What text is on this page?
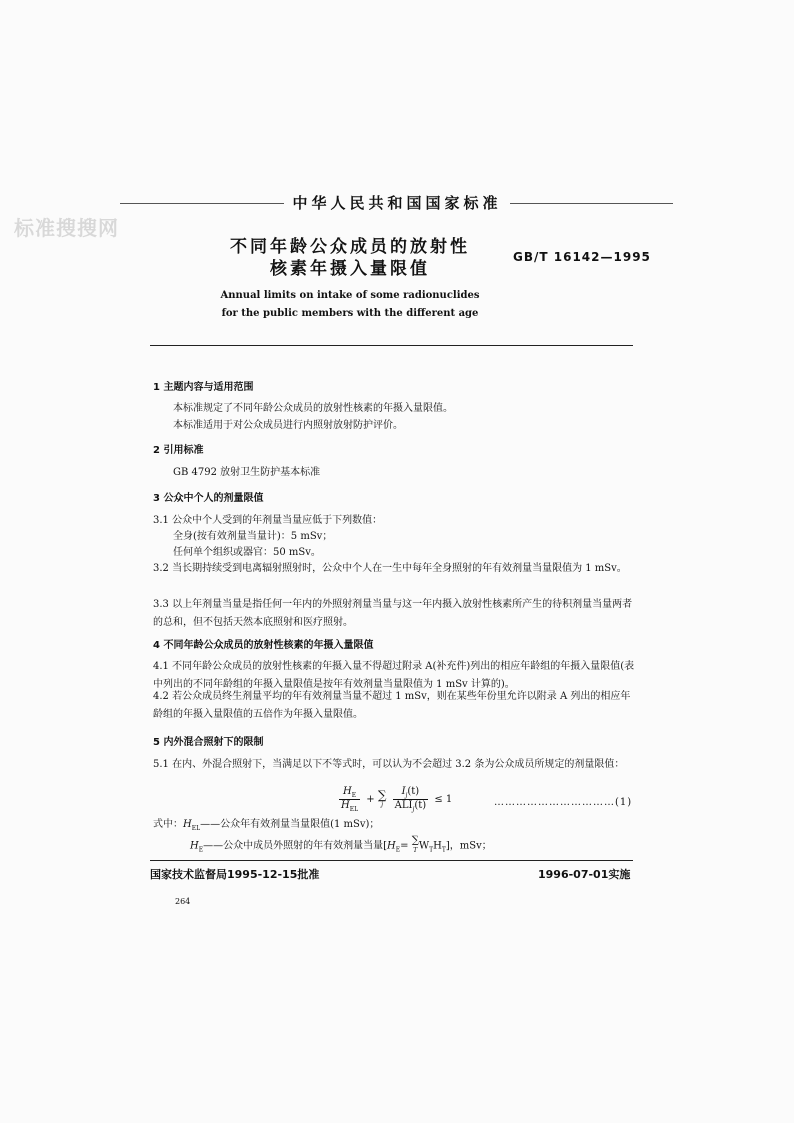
中华人民共和国国家标准
标准搜搜网
不同年龄公众成员的放射性
核素年摄入量限值
GB/T 16142—1995
Annual limits on intake of some radionuclides
for the public members with the different age
1 主题内容与适用范围
本标准规定了不同年龄公众成员的放射性核素的年摄入量限值。
本标准适用于对公众成员进行内照射放射防护评价。
2 引用标准
GB 4792 放射卫生防护基本标准
3 公众中个人的剂量限值
3.1 公众中个人受到的年剂量当量应低于下列数值：
全身(按有效剂量当量计)：5 mSv；
任何单个组织或器官：50 mSv。
3.2 当长期持续受到电离辐射照射时，公众中个人在一生中每年全身照射的年有效剂量当量限值为 1 mSv。
3.3 以上年剂量当量是指任何一年内的外照射剂量当量与这一年内摄入放射性核素所产生的待积剂量当量两者的总和，但不包括天然本底照射和医疗照射。
4 不同年龄公众成员的放射性核素的年摄入量限值
4.1 不同年龄公众成员的放射性核素的年摄入量不得超过附录 A(补充件)列出的相应年龄组的年摄入量限值(表中列出的不同年龄组的年摄入量限值是按年有效剂量当量限值为 1 mSv 计算的)。
4.2 若公众成员终生剂量平均的年有效剂量当量不超过 1 mSv，则在某些年份里允许以附录 A 列出的相应年龄组的年摄入量限值的五倍作为年摄入量限值。
5 内外混合照射下的限制
5.1 在内、外混合照射下，当满足以下不等式时，可以认为不会超过 3.2 条为公众成员所规定的剂量限值：
$\frac{H_E}{H_{EL}}$ + ∑
j
$\frac{I_j(t)}{ALI_j(t)} \le 1$	……………………………(1)
式中：$H_{EL}——$公众年有效剂量当量限值(1 mSv)；
$H_E——$公众中成员外照射的年有效剂量当量[$H_E=$ ∑
T $W_TH_T$]，mSv；
国家技术监督局1995-12-15批准	1996-07-01实施
264
